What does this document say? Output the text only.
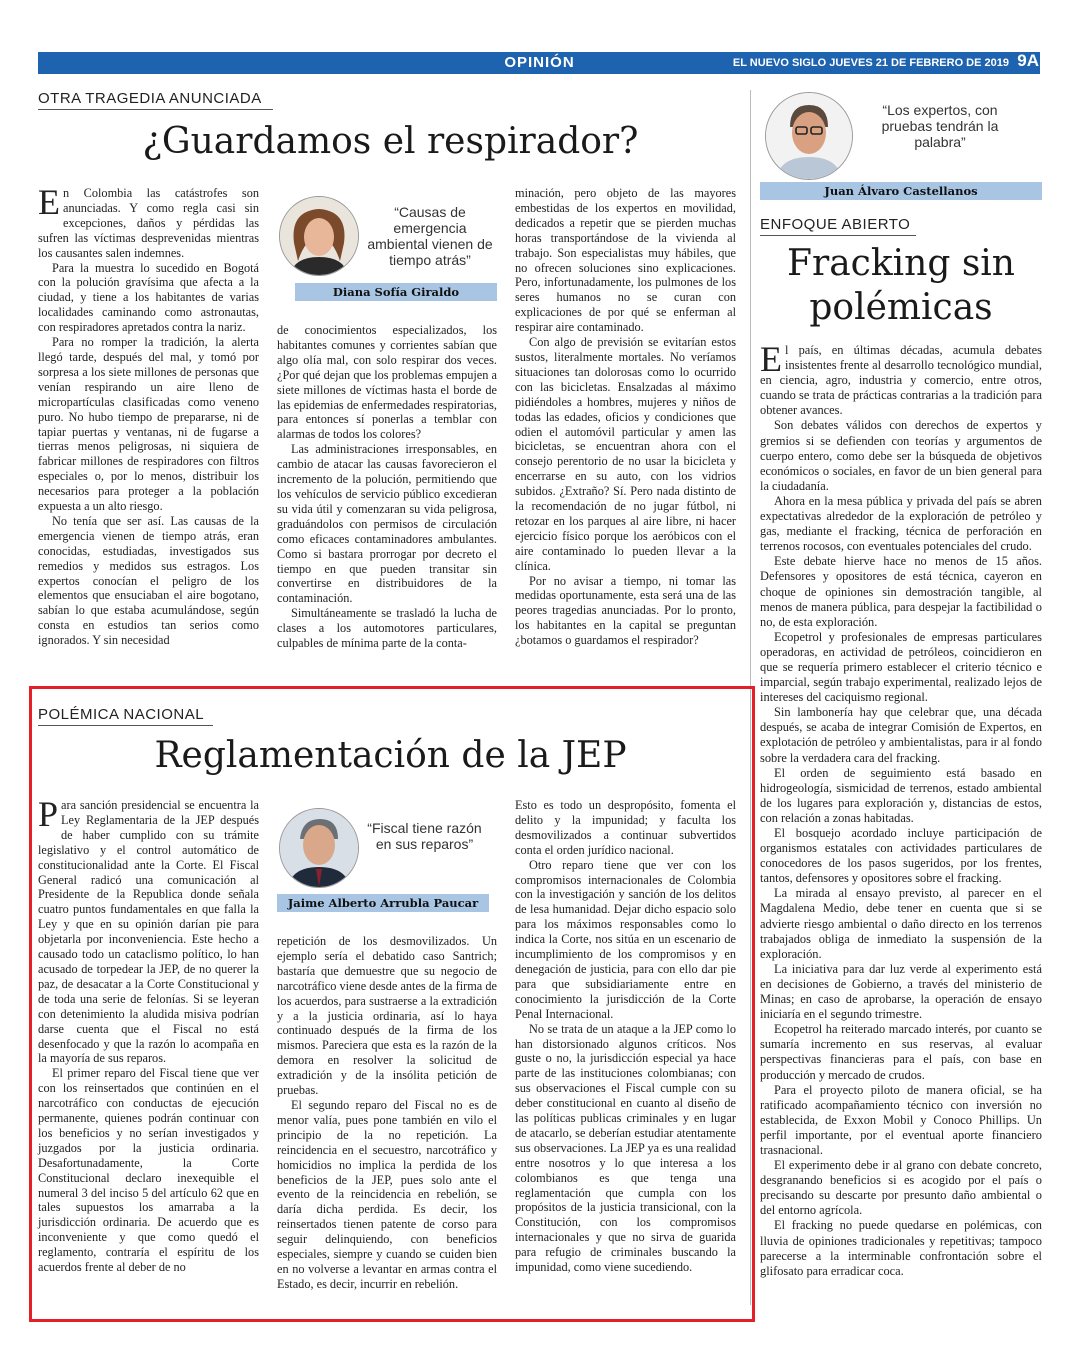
OPINIÓN	EL NUEVO SIGLO JUEVES 21 DE FEBRERO DE 2019 9A
OTRA TRAGEDIA ANUNCIADA
¿Guardamos el respirador?

En Colombia las catástrofes son anunciadas. Y como regla casi sin excepciones, daños y pérdidas las sufren las víctimas desprevenidas mientras los causantes salen indemnes.

Para la muestra lo sucedido en Bogotá con la polución gravísima que afecta a la ciudad, y tiene a los habitantes de varias localidades caminando como astronautas, con respiradores apretados contra la nariz.

Para no romper la tradición, la alerta llegó tarde, después del mal, y tomó por sorpresa a los siete millones de personas que venían respirando un aire lleno de micropartículas clasificadas como veneno puro. No hubo tiempo de prepararse, ni de tapiar puertas y ventanas, ni de fugarse a tierras menos peligrosas, ni siquiera de fabricar millones de respiradores con filtros especiales o, por lo menos, distribuir los necesarios para proteger a la población expuesta a un alto riesgo.

No tenía que ser así. Las causas de la emergencia vienen de tiempo atrás, eran conocidas, estudiadas, investigados sus remedios y medidos sus estragos. Los expertos conocían el peligro de los elementos que ensuciaban el aire bogotano, sabían lo que estaba acumulándose, según consta en estudios tan serios como ignorados. Y sin necesidad

“Causas de emergencia ambiental vienen de tiempo atrás”
Diana Sofía Giraldo

de conocimientos especializados, los habitantes comunes y corrientes sabían que algo olía mal, con solo respirar dos veces. ¿Por qué dejan que los problemas empujen a siete millones de víctimas hasta el borde de las epidemias de enfermedades respiratorias, para entonces sí ponerlas a temblar con alarmas de todos los colores?

Las administraciones irresponsables, en cambio de atacar las causas favorecieron el incremento de la polución, permitiendo que los vehículos de servicio público excedieran su vida útil y comenzaran su vida peligrosa, graduándolos con permisos de circulación como eficaces contaminadores ambulantes. Como si bastara prorrogar por decreto el tiempo en que pueden transitar sin convertirse en distribuidores de la contaminación.

Simultáneamente se trasladó la lucha de clases a los automotores particulares, culpables de mínima parte de la conta-

minación, pero objeto de las mayores embestidas de los expertos en movilidad, dedicados a repetir que se pierden muchas horas transportándose de la vivienda al trabajo. Son especialistas muy hábiles, que no ofrecen soluciones sino explicaciones. Pero, infortunadamente, los pulmones de los seres humanos no se curan con explicaciones de por qué se enferman al respirar aire contaminado.

Con algo de previsión se evitarían estos sustos, literalmente mortales. No veríamos situaciones tan dolorosas como lo ocurrido con las bicicletas. Ensalzadas al máximo pidiéndoles a hombres, mujeres y niños de todas las edades, oficios y condiciones que odien el automóvil particular y amen las bicicletas, se encuentran ahora con el consejo perentorio de no usar la bicicleta y encerrarse en su auto, con los vidrios subidos. ¿Extraño? Sí. Pero nada distinto de la recomendación de no jugar fútbol, ni retozar en los parques al aire libre, ni hacer ejercicio físico porque los aeróbicos con el aire contaminado lo pueden llevar a la clínica.

Por no avisar a tiempo, ni tomar las medidas oportunamente, esta será una de las peores tragedias anunciadas. Por lo pronto, los habitantes en la capital se preguntan ¿botamos o guardamos el respirador?

POLÉMICA NACIONAL
Reglamentación de la JEP

Para sanción presidencial se encuentra la Ley Reglamentaria de la JEP después de haber cumplido con su trámite legislativo y el control automático de constitucionalidad ante la Corte. El Fiscal General radicó una comunicación al Presidente de la Republica donde señala cuatro puntos fundamentales en que falla la Ley y que en su opinión darían pie para objetarla por inconveniencia. Este hecho a causado todo un cataclismo político, lo han acusado de torpedear la JEP, de no querer la paz, de desacatar a la Corte Constitucional y de toda una serie de felonías. Si se leyeran con detenimiento la aludida misiva podrían darse cuenta que el Fiscal no está desenfocado y que la razón lo acompaña en la mayoría de sus reparos.

El primer reparo del Fiscal tiene que ver con los reinsertados que continúen en el narcotráfico con conductas de ejecución permanente, quienes podrán continuar con los beneficios y no serían investigados y juzgados por la justicia ordinaria. Desafortunadamente, la Corte Constitucional declaro inexequible el numeral 3 del inciso 5 del artículo 62 que en tales supuestos los amarraba a la jurisdicción ordinaria. De acuerdo que es inconveniente y que como quedó el reglamento, contraría el espíritu de los acuerdos frente al deber de no

“Fiscal tiene razón en sus reparos”
Jaime Alberto Arrubla Paucar

repetición de los desmovilizados. Un ejemplo sería el debatido caso Santrich; bastaría que demuestre que su negocio de narcotráfico viene desde antes de la firma de los acuerdos, para sustraerse a la extradición y a la justicia ordinaria, así lo haya continuado después de la firma de los mismos. Pareciera que esta es la razón de la demora en resolver la solicitud de extradición y de la insólita petición de pruebas.

El segundo reparo del Fiscal no es de menor valía, pues pone también en vilo el principio de la no repetición. La reincidencia en el secuestro, narcotráfico y homicidios no implica la perdida de los beneficios de la JEP, pues solo ante el evento de la reincidencia en rebelión, se daría dicha perdida. Es decir, los reinsertados tienen patente de corso para seguir delinquiendo, con beneficios especiales, siempre y cuando se cuiden bien en no volverse a levantar en armas contra el Estado, es decir, incurrir en rebelión.

Esto es todo un despropósito, fomenta el delito y la impunidad; y faculta los desmovilizados a continuar subvertidos conta el orden jurídico nacional.

Otro reparo tiene que ver con los compromisos internacionales de Colombia con la investigación y sanción de los delitos de lesa humanidad. Dejar dicho espacio solo para los máximos responsables como lo indica la Corte, nos sitúa en un escenario de incumplimiento de los compromisos y en denegación de justicia, para con ello dar pie para que subsidiariamente entre en conocimiento la jurisdicción de la Corte Penal Internacional.

No se trata de un ataque a la JEP como lo han distorsionado algunos críticos. Nos guste o no, la jurisdicción especial ya hace parte de las instituciones colombianas; con sus observaciones el Fiscal cumple con su deber constitucional en cuanto al diseño de las políticas publicas criminales y en lugar de atacarlo, se deberían estudiar atentamente sus observaciones. La JEP ya es una realidad entre nosotros y lo que interesa a los colombianos es que tenga una reglamentación que cumpla con los propósitos de la justicia transicional, con la Constitución, con los compromisos internacionales y que no sirva de guarida para refugio de criminales buscando la impunidad, como viene sucediendo.

“Los expertos, con pruebas tendrán la palabra”
Juan Álvaro Castellanos
ENFOQUE ABIERTO
Fracking sin
polémicas

El país, en últimas décadas, acumula debates insistentes frente al desarrollo tecnológico mundial, en ciencia, agro, industria y comercio, entre otros, cuando se trata de prácticas contrarias a la tradición para obtener avances.

Son debates válidos con derechos de expertos y gremios si se defienden con teorías y argumentos de cuerpo entero, como debe ser la búsqueda de objetivos económicos o sociales, en favor de un bien general para la ciudadanía.

Ahora en la mesa pública y privada del país se abren expectativas alrededor de la exploración de petróleo y gas, mediante el fracking, técnica de perforación en terrenos rocosos, con eventuales potenciales del crudo.

Este debate hierve hace no menos de 15 años. Defensores y opositores de está técnica, cayeron en choque de opiniones sin demostración tangible, al menos de manera pública, para despejar la factibilidad o no, de esta exploración.

Ecopetrol y profesionales de empresas particulares operadoras, en actividad de petróleos, coincidieron en que se requería primero establecer el criterio técnico e imparcial, según trabajo experimental, realizado lejos de intereses del caciquismo regional.

Sin lambonería hay que celebrar que, una década después, se acaba de integrar Comisión de Expertos, en explotación de petróleo y ambientalistas, para ir al fondo sobre la verdadera cara del fracking.

El orden de seguimiento está basado en hidrogeología, sismicidad de terrenos, estado ambiental de los lugares para exploración y, distancias de estos, con relación a zonas habitadas.

El bosquejo acordado incluye participación de organismos estatales con actividades particulares de conocedores de los pasos sugeridos, por los frentes, tantos, defensores y opositores sobre el fracking.

La mirada al ensayo previsto, al parecer en el Magdalena Medio, debe tener en cuenta que si se advierte riesgo ambiental o daño directo en los terrenos trabajados obliga de inmediato la suspensión de la exploración.

La iniciativa para dar luz verde al experimento está en decisiones de Gobierno, a través del ministerio de Minas; en caso de aprobarse, la operación de ensayo iniciaría en el segundo trimestre.

Ecopetrol ha reiterado marcado interés, por cuanto se sumaría incremento en sus reservas, al evaluar perspectivas financieras para el país, con base en producción y mercado de crudos.

Para el proyecto piloto de manera oficial, se ha ratificado acompañamiento técnico con inversión no establecida, de Exxon Mobil y Conoco Phillips. Un perfil importante, por el eventual aporte financiero trasnacional.

El experimento debe ir al grano con debate concreto, desgranando beneficios si es acogido por el país o precisando su descarte por presunto daño ambiental o del entorno agrícola.

El fracking no puede quedarse en polémicas, con lluvia de opiniones tradicionales y repetitivas; tampoco parecerse a la interminable confrontación sobre el glifosato para erradicar coca.
